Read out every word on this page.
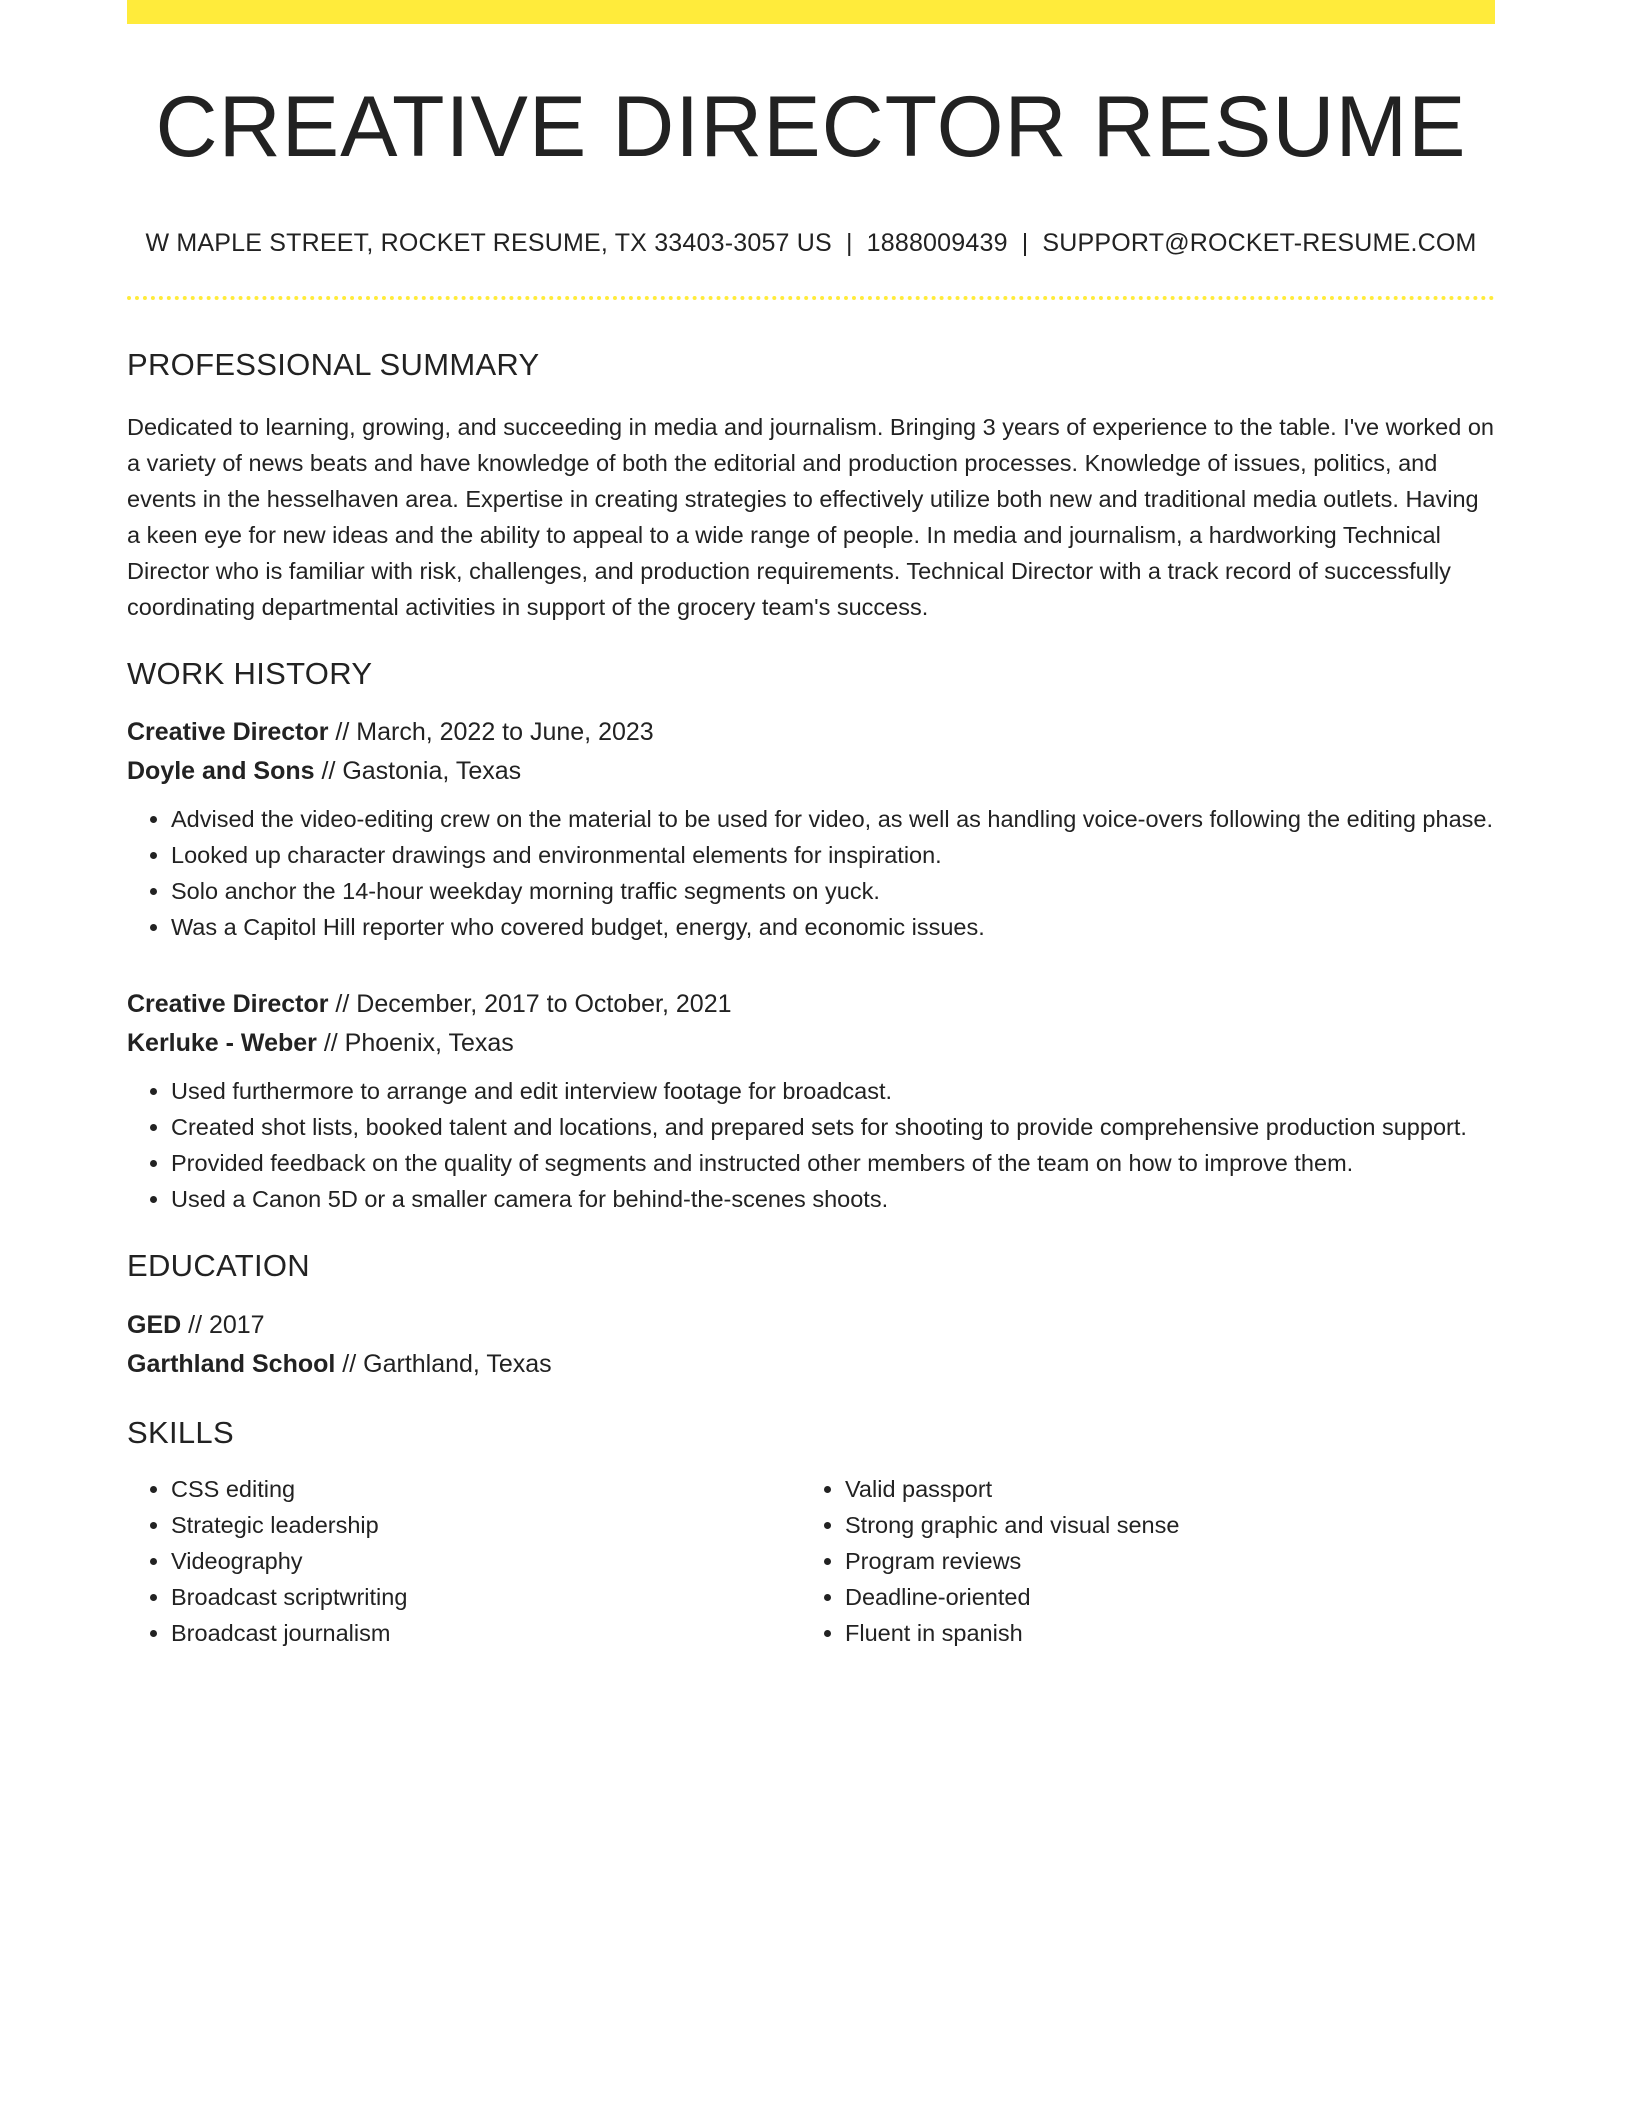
CREATIVE DIRECTOR RESUME
W MAPLE STREET, ROCKET RESUME, TX 33403-3057 US | 1888009439 | SUPPORT@ROCKET-RESUME.COM
PROFESSIONAL SUMMARY

Dedicated to learning, growing, and succeeding in media and journalism. Bringing 3 years of experience to the table. I've worked on a variety of news beats and have knowledge of both the editorial and production processes. Knowledge of issues, politics, and events in the hesselhaven area. Expertise in creating strategies to effectively utilize both new and traditional media outlets. Having a keen eye for new ideas and the ability to appeal to a wide range of people. In media and journalism, a hardworking Technical Director who is familiar with risk, challenges, and production requirements. Technical Director with a track record of successfully coordinating departmental activities in support of the grocery team's success.

WORK HISTORY
Creative Director // March, 2022 to June, 2023
Doyle and Sons // Gastonia, Texas
• Advised the video-editing crew on the material to be used for video, as well as handling voice-overs following the editing phase.
• Looked up character drawings and environmental elements for inspiration.
• Solo anchor the 14-hour weekday morning traffic segments on yuck.
• Was a Capitol Hill reporter who covered budget, energy, and economic issues.
Creative Director // December, 2017 to October, 2021
Kerluke - Weber // Phoenix, Texas
• Used furthermore to arrange and edit interview footage for broadcast.
• Created shot lists, booked talent and locations, and prepared sets for shooting to provide comprehensive production support.
• Provided feedback on the quality of segments and instructed other members of the team on how to improve them.
• Used a Canon 5D or a smaller camera for behind-the-scenes shoots.
EDUCATION
GED // 2017
Garthland School // Garthland, Texas
SKILLS
• CSS editing
• Strategic leadership
• Videography
• Broadcast scriptwriting
• Broadcast journalism
• Valid passport
• Strong graphic and visual sense
• Program reviews
• Deadline-oriented
• Fluent in spanish
